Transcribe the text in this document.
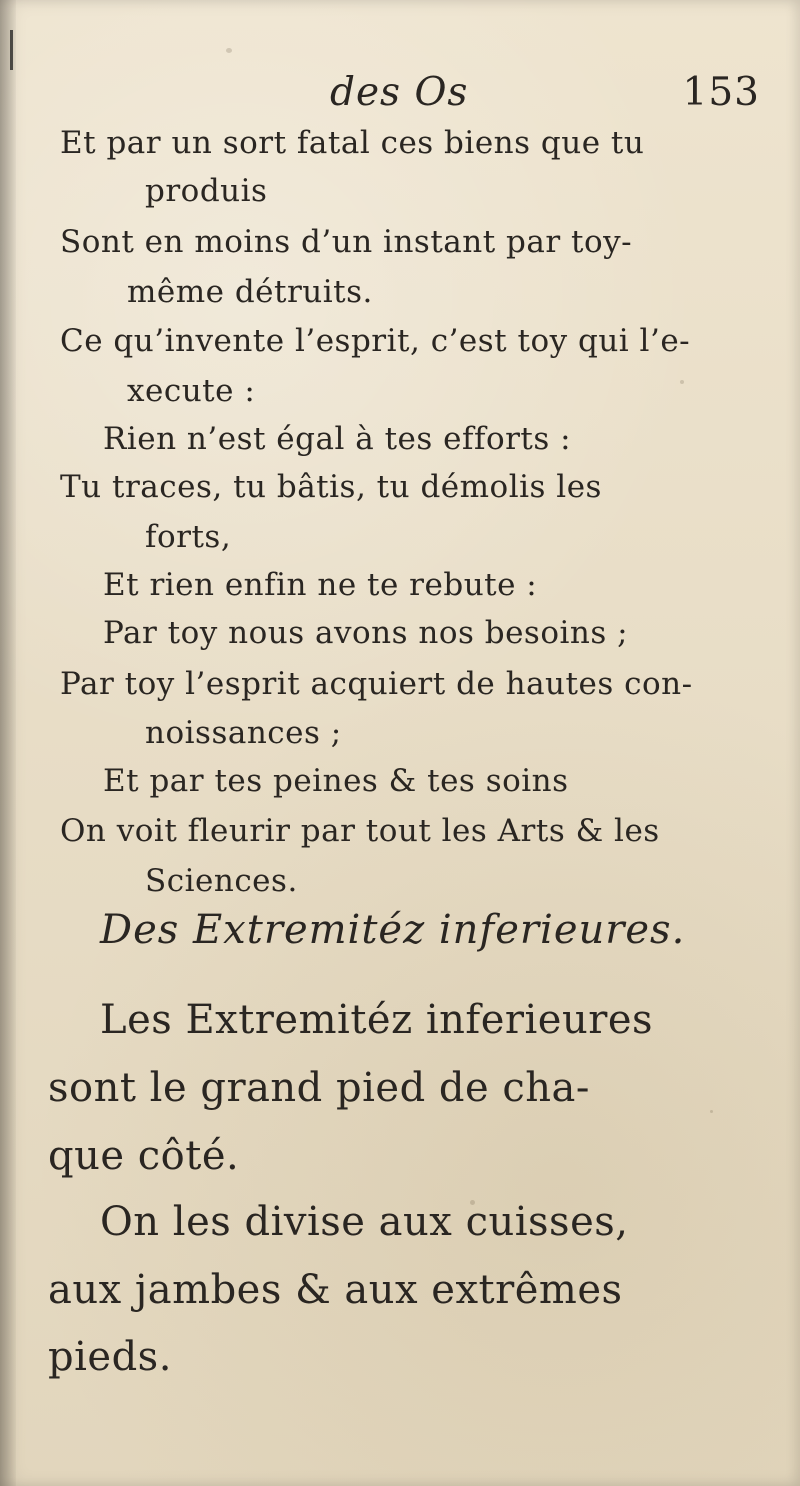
des Os	153
Et par un sort fatal ces biens que tu
produis
Sont en moins d’un instant par toy-
même détruits.
Ce qu’invente l’esprit, c’est toy qui l’e-
xecute :
Rien n’est égal à tes efforts :
Tu traces, tu bâtis, tu démolis les
forts,
Et rien enfin ne te rebute :
Par toy nous avons nos besoins ;
Par toy l’esprit acquiert de hautes con-
noissances ;
Et par tes peines & tes soins
On voit fleurir par tout les Arts & les
Sciences.
Des Extremitéz inferieures.
Les Extremitéz inferieures
sont le grand pied de cha-
que côté.
On les divise aux cuisses,
aux jambes & aux extrêmes
pieds.
